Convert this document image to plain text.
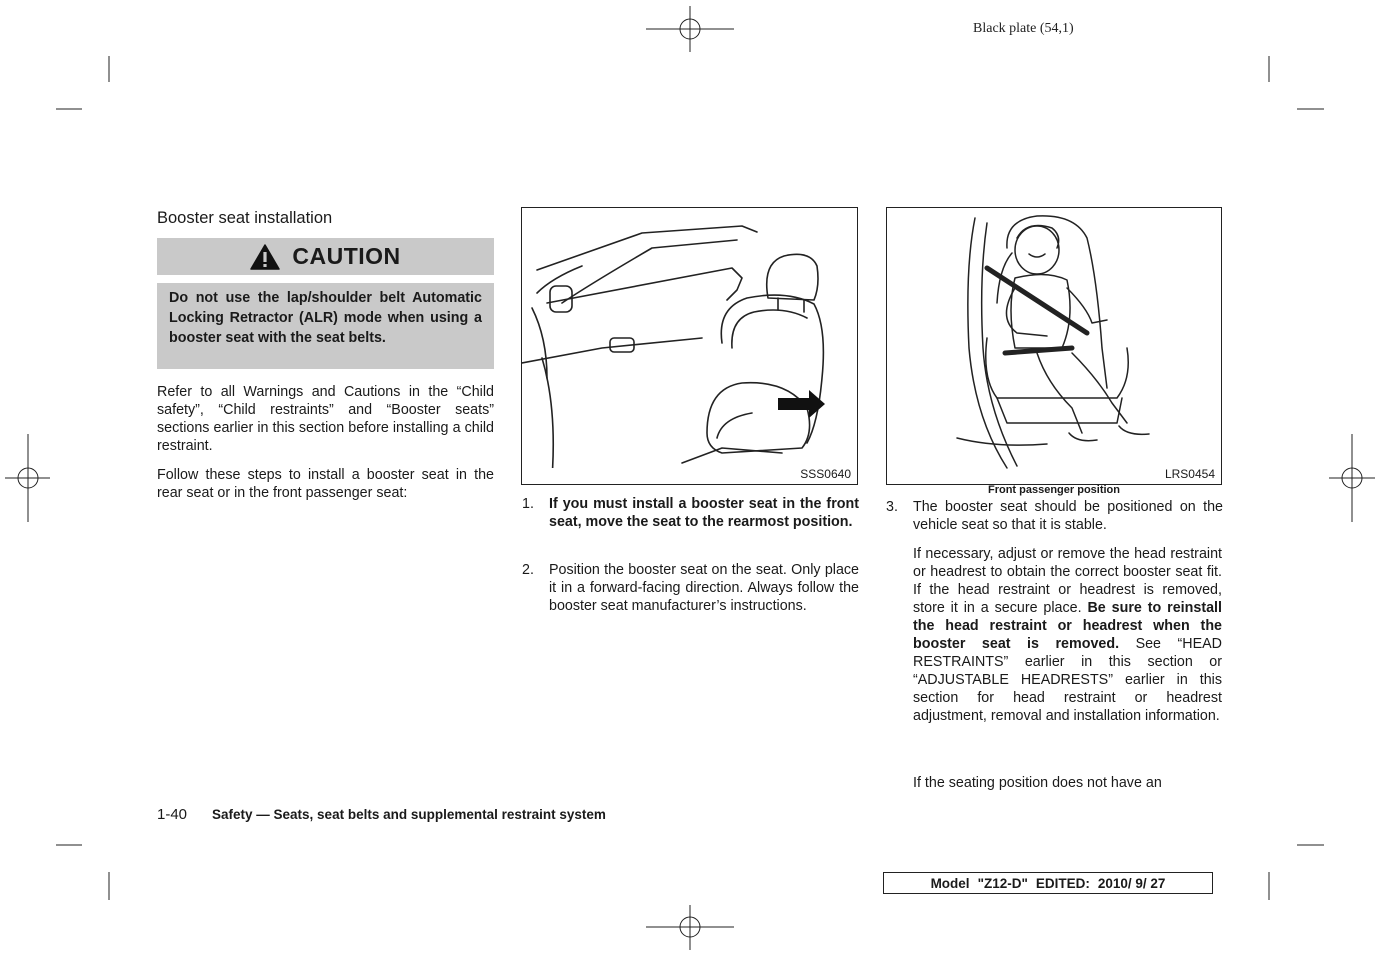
Black plate (54,1)
Booster seat installation
CAUTION
Do not use the lap/shoulder belt Automatic Locking Retractor (ALR) mode when using a booster seat with the seat belts.
Refer to all Warnings and Cautions in the “Child safety”, “Child restraints” and “Booster seats” sections earlier in this section before installing a child restraint.
Follow these steps to install a booster seat in the rear seat or in the front passenger seat:
SSS0640
1. If you must install a booster seat in the front seat, move the seat to the rearmost position.
2. Position the booster seat on the seat. Only place it in a forward-facing direction. Always follow the booster seat manufacturer’s instructions.
LRS0454
Front passenger position
3. The booster seat should be positioned on the vehicle seat so that it is stable.
If necessary, adjust or remove the head restraint or headrest to obtain the correct booster seat fit. If the head restraint or headrest is removed, store it in a secure place. Be sure to reinstall the head restraint or headrest when the booster seat is removed. See “HEAD RESTRAINTS” earlier in this section or “ADJUSTABLE HEADRESTS” earlier in this section for head restraint or headrest adjustment, removal and installation information.
If the seating position does not have an
1-40 Safety — Seats, seat belts and supplemental restraint system
Model "Z12-D" EDITED: 2010/ 9/ 27
